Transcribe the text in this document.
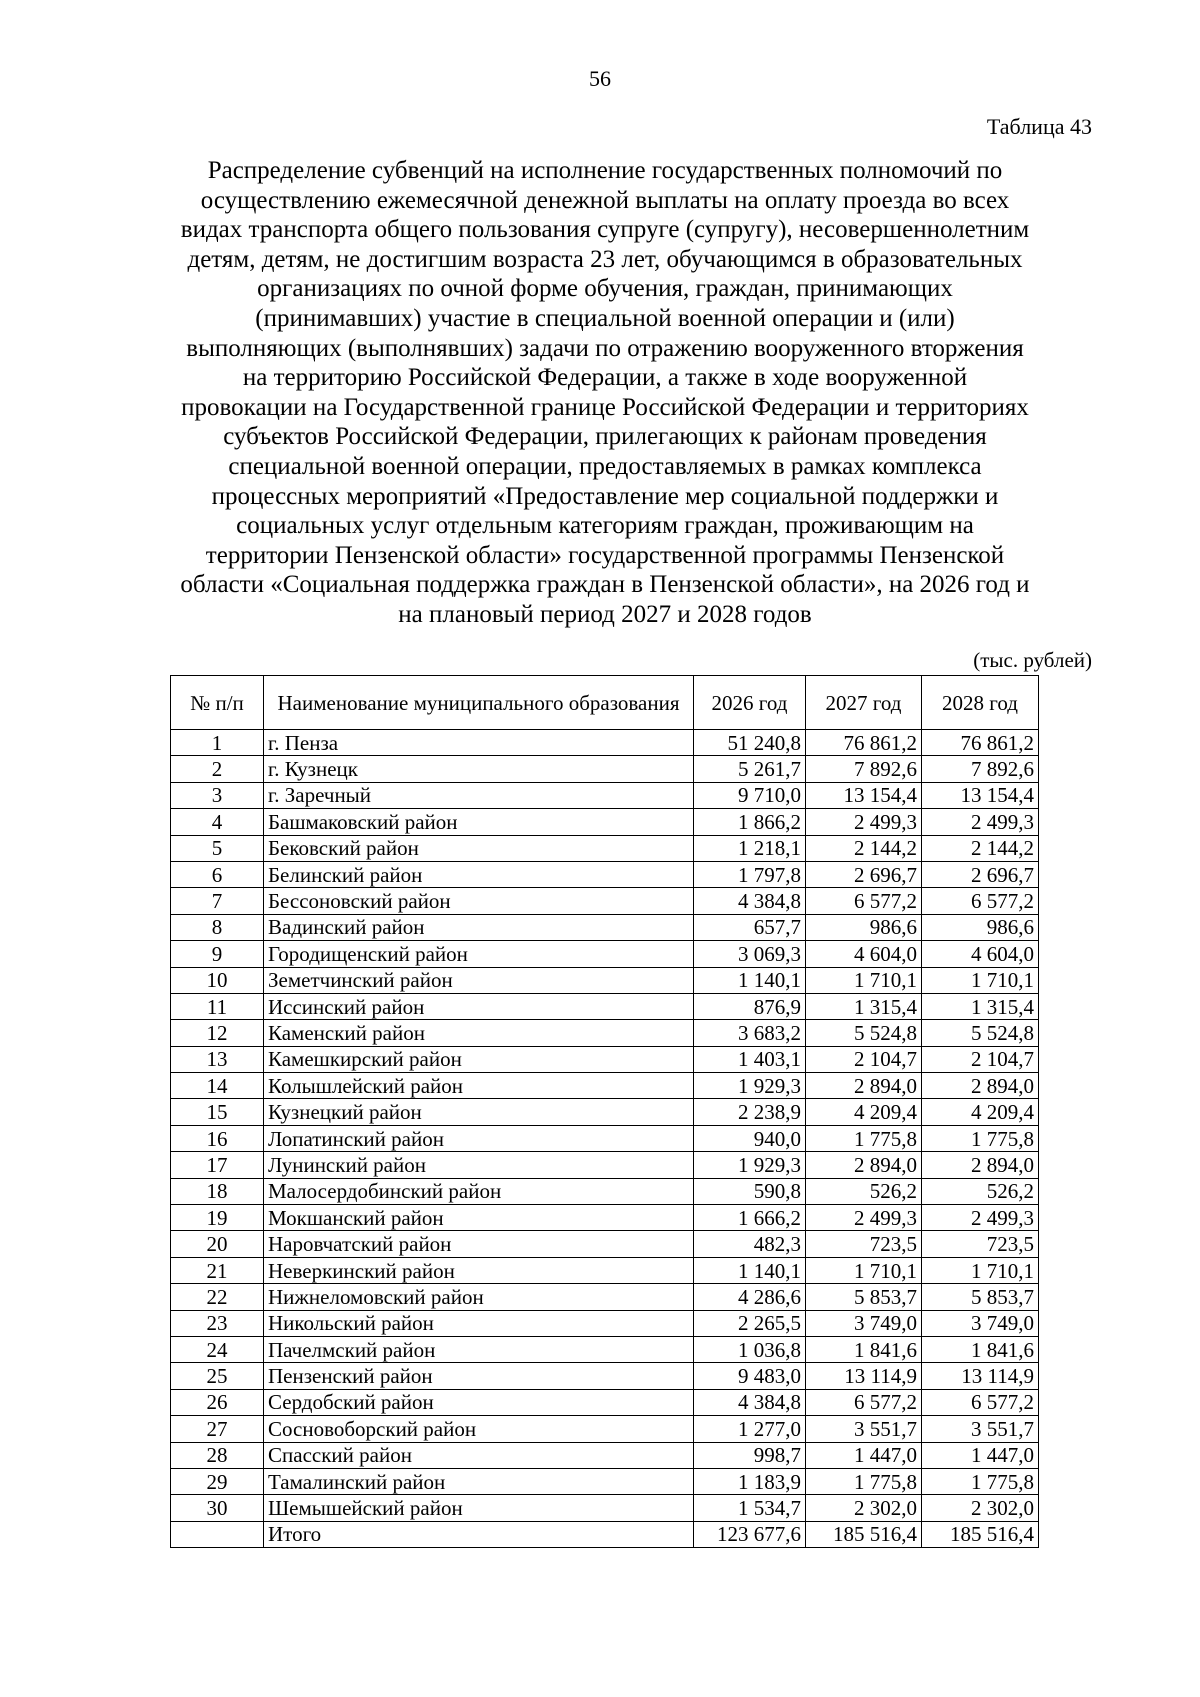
56
Таблица 43
Распределение субвенций на исполнение государственных полномочий по
осуществлению ежемесячной денежной выплаты на оплату проезда во всех
видах транспорта общего пользования супруге (супругу), несовершеннолетним
детям, детям, не достигшим возраста 23 лет, обучающимся в образовательных
организациях по очной форме обучения, граждан, принимающих
(принимавших) участие в специальной военной операции и (или)
выполняющих (выполнявших) задачи по отражению вооруженного вторжения
на территорию Российской Федерации, а также в ходе вооруженной
провокации на Государственной границе Российской Федерации и территориях
субъектов Российской Федерации, прилегающих к районам проведения
специальной военной операции, предоставляемых в рамках комплекса
процессных мероприятий «Предоставление мер социальной поддержки и
социальных услуг отдельным категориям граждан, проживающим на
территории Пензенской области» государственной программы Пензенской
области «Социальная поддержка граждан в Пензенской области», на 2026 год и
на плановый период 2027 и 2028 годов
(тыс. рублей)
№ п/п	Наименование муниципального образования	2026 год	2027 год	2028 год
1	г. Пенза	51 240,8	76 861,2	76 861,2
2	г. Кузнецк	5 261,7	7 892,6	7 892,6
3	г. Заречный	9 710,0	13 154,4	13 154,4
4	Башмаковский район	1 866,2	2 499,3	2 499,3
5	Бековский район	1 218,1	2 144,2	2 144,2
6	Белинский район	1 797,8	2 696,7	2 696,7
7	Бессоновский район	4 384,8	6 577,2	6 577,2
8	Вадинский район	657,7	986,6	986,6
9	Городищенский район	3 069,3	4 604,0	4 604,0
10	Земетчинский район	1 140,1	1 710,1	1 710,1
11	Иссинский район	876,9	1 315,4	1 315,4
12	Каменский район	3 683,2	5 524,8	5 524,8
13	Камешкирский район	1 403,1	2 104,7	2 104,7
14	Колышлейский район	1 929,3	2 894,0	2 894,0
15	Кузнецкий район	2 238,9	4 209,4	4 209,4
16	Лопатинский район	940,0	1 775,8	1 775,8
17	Лунинский район	1 929,3	2 894,0	2 894,0
18	Малосердобинский район	590,8	526,2	526,2
19	Мокшанский район	1 666,2	2 499,3	2 499,3
20	Наровчатский район	482,3	723,5	723,5
21	Неверкинский район	1 140,1	1 710,1	1 710,1
22	Нижнеломовский район	4 286,6	5 853,7	5 853,7
23	Никольский район	2 265,5	3 749,0	3 749,0
24	Пачелмский район	1 036,8	1 841,6	1 841,6
25	Пензенский район	9 483,0	13 114,9	13 114,9
26	Сердобский район	4 384,8	6 577,2	6 577,2
27	Сосновоборский район	1 277,0	3 551,7	3 551,7
28	Спасский район	998,7	1 447,0	1 447,0
29	Тамалинский район	1 183,9	1 775,8	1 775,8
30	Шемышейский район	1 534,7	2 302,0	2 302,0
	Итого	123 677,6	185 516,4	185 516,4
